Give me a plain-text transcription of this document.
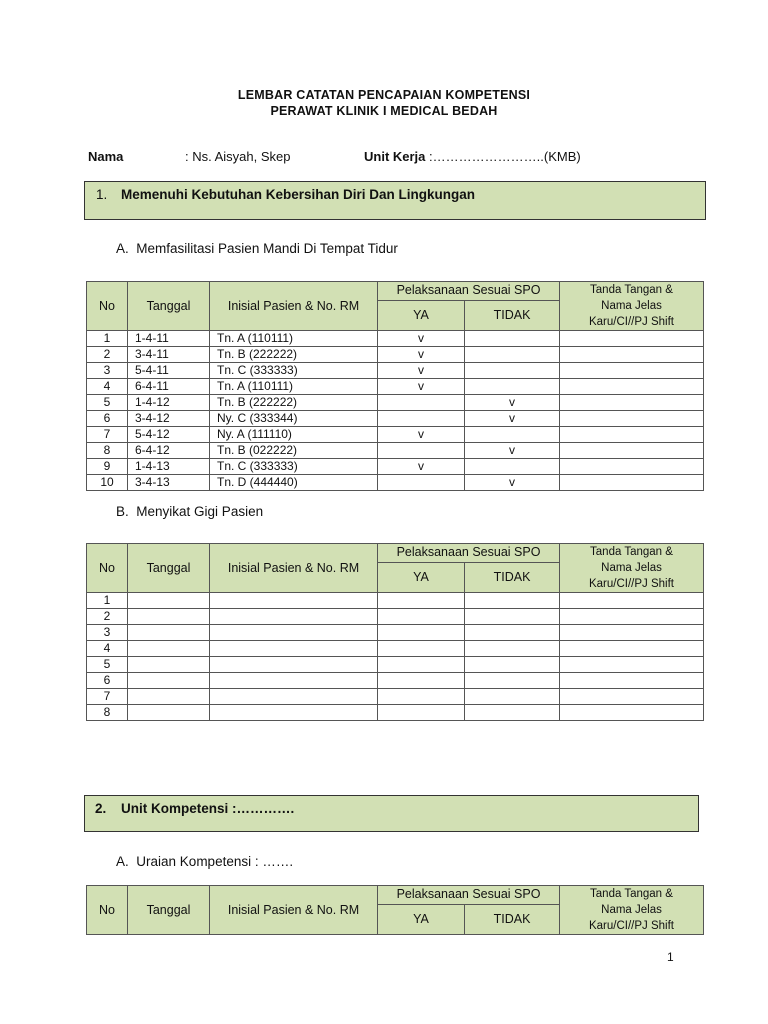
LEMBAR CATATAN PENCAPAIAN KOMPETENSI
PERAWAT KLINIK I MEDICAL BEDAH
Nama	: Ns. Aisyah, Skep	Unit Kerja :……………………..(KMB)
1. Memenuhi Kebutuhan Kebersihan Diri Dan Lingkungan
A. Memfasilitasi Pasien Mandi Di Tempat Tidur
No	Tanggal	Inisial Pasien & No. RM	Pelaksanaan Sesuai SPO		Tanda Tangan &
Nama Jelas
Karu/CI//PJ Shift
			YA	TIDAK	
1	1-4-11	Tn. A (110111)	v		
2	3-4-11	Tn. B (222222)	v		
3	5-4-11	Tn. C (333333)	v		
4	6-4-11	Tn. A (110111)	v		
5	1-4-12	Tn. B (222222)		v	
6	3-4-12	Ny. C (333344)		v	
7	5-4-12	Ny. A (111110)	v		
8	6-4-12	Tn. B (022222)		v	
9	1-4-13	Tn. C (333333)	v		
10	3-4-13	Tn. D (444440)		v	
B. Menyikat Gigi Pasien
No	Tanggal	Inisial Pasien & No. RM	Pelaksanaan Sesuai SPO		Tanda Tangan &
Nama Jelas
Karu/CI//PJ Shift
			YA	TIDAK	
1					
2					
3					
4					
5					
6					
7					
8					
2. Unit Kompetensi :………….
A. Uraian Kompetensi : …….
No	Tanggal	Inisial Pasien & No. RM	Pelaksanaan Sesuai SPO		Tanda Tangan &
Nama Jelas
Karu/CI//PJ Shift
			YA	TIDAK	
1
